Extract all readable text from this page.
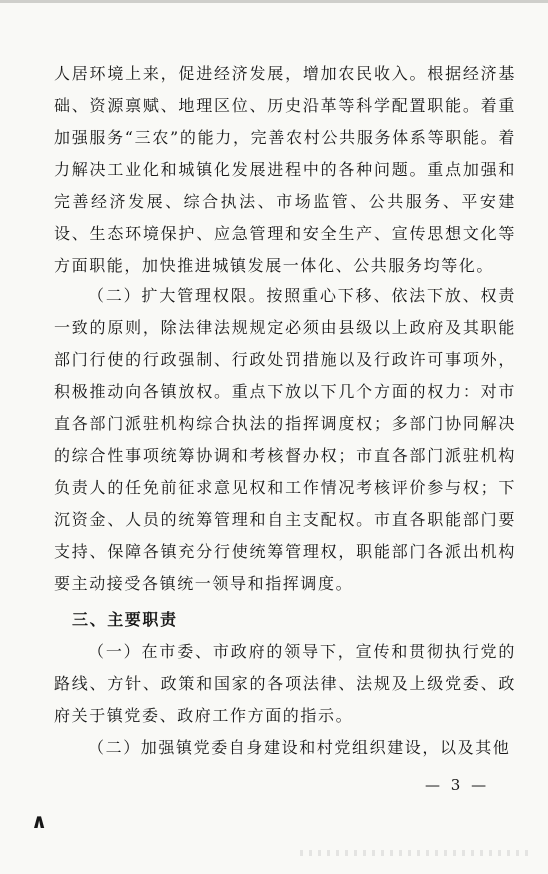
人居环境上来，促进经济发展，增加农民收入。根据经济基础、资源禀赋、地理区位、历史沿革等科学配置职能。着重加强服务“三农”的能力，完善农村公共服务体系等职能。着力解决工业化和城镇化发展进程中的各种问题。重点加强和完善经济发展、综合执法、市场监管、公共服务、平安建设、生态环境保护、应急管理和安全生产、宣传思想文化等方面职能，加快推进城镇发展一体化、公共服务均等化。

（二）扩大管理权限。按照重心下移、依法下放、权责一致的原则，除法律法规规定必须由县级以上政府及其职能部门行使的行政强制、行政处罚措施以及行政许可事项外，积极推动向各镇放权。重点下放以下几个方面的权力：对市直各部门派驻机构综合执法的指挥调度权；多部门协同解决的综合性事项统筹协调和考核督办权；市直各部门派驻机构负责人的任免前征求意见权和工作情况考核评价参与权；下沉资金、人员的统筹管理和自主支配权。市直各职能部门要支持、保障各镇充分行使统筹管理权，职能部门各派出机构要主动接受各镇统一领导和指挥调度。

三、主要职责

（一）在市委、市政府的领导下，宣传和贯彻执行党的路线、方针、政策和国家的各项法律、法规及上级党委、政府关于镇党委、政府工作方面的指示。

（二）加强镇党委自身建设和村党组织建设，以及其他

— 3 —
∧
